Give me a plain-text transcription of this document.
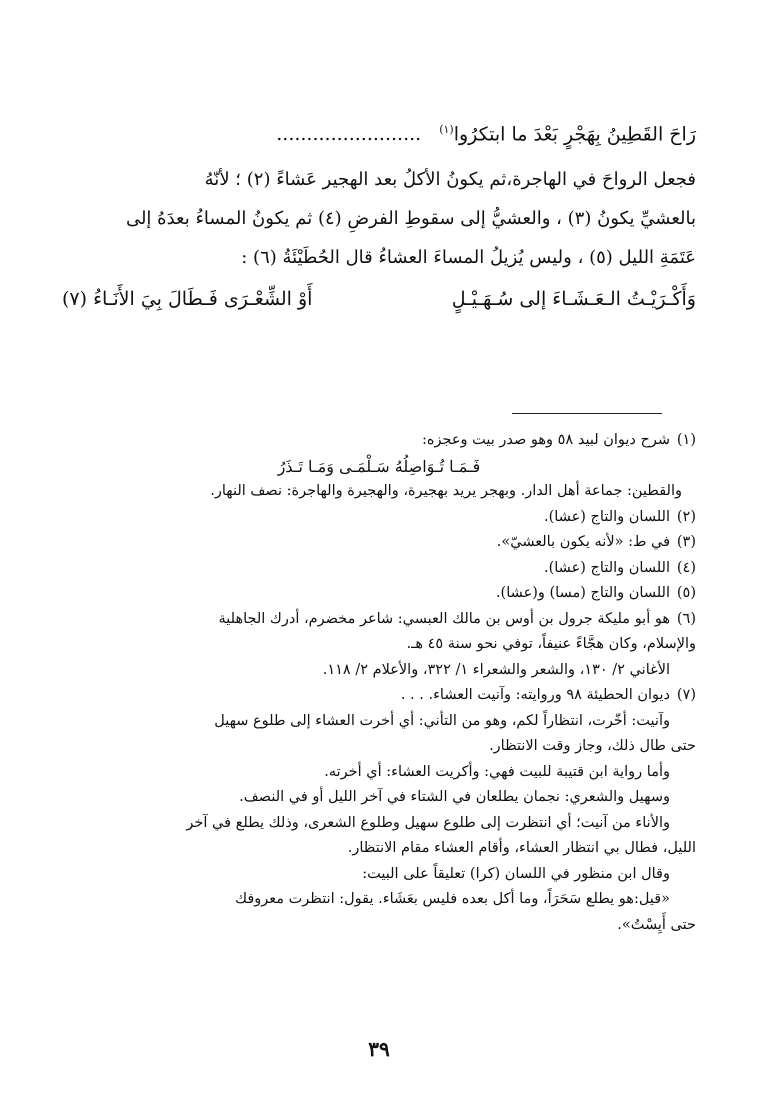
رَاحَ القَطِينُ بِهَجْرٍ بَعْدَ ما ابتكرُوا$^{(١)}$........................
فجعل الرواحَ في الهاجرة،ثم يكونُ الأكلُ بعد الهجير عَشاءً (٢) ؛ لأنّهُ
بالعشيِّ يكونُ (٣) ، والعشيُّ إلى سقوطِ الفرضِ (٤) ثم يكونُ المساءُ بعدَهُ إلى
عَتَمَةِ الليل (٥) ، وليس يُزيلُ المساءَ العشاءُ قال الحُطَيْئَةُ (٦) :
وَأَكْـرَيْـتُ الـعَـشَـاءَ إلى سُـهَـيْـلٍ
أَوْ الشِّعْـرَى فَـطَالَ بِيَ الأَنَـاءُ (٧)
(١)
شرح ديوان لبيد ٥٨ وهو صدر بيت وعجزه:
فَـمَـا تُـوَاصِلُهُ سَـلْمَـى وَمَـا تَـذَرُ
والقطين: جماعة أهل الدار. وبهجر يريد بهجيرة، والهجيرة والهاجرة: نصف النهار.
(٢)
اللسان والتاج (عشا).
(٣)
في ط: «لأنه يكون بالعشيّ».
(٤)
اللسان والتاج (عشا).
(٥)
اللسان والتاج (مسا) و(عشا).
(٦)
هو أبو مليكة جرول بن أوس بن مالك العبسي: شاعر مخضرم، أدرك الجاهلية
والإسلام، وكان هجَّاءً عنيفاً، توفي نحو سنة ٤٥ هـ.
الأغاني ٢/ ١٣٠، والشعر والشعراء ١/ ٣٢٢، والأعلام ٢/ ١١٨.
(٧)
ديوان الحطيئة ٩٨ وروايته: وآنيت العشاء. . . .
وآنيت: أخّرت، انتظاراً لكم، وهو من التأني: أي أخرت العشاء إلى طلوع سهيل
حتى طال ذلك، وجاز وقت الانتظار.
وأما رواية ابن قتيبة للبيت فهي: وأكريت العشاء: أي أخرته.
وسهيل والشعري: نجمان يطلعان في الشتاء في آخر الليل أو في النصف.
والأناء من آنيت؛ أي انتظرت إلى طلوع سهيل وطلوع الشعرى، وذلك يطلع في آخر
الليل، فطال بي انتظار العشاء، وأقام العشاء مقام الانتظار.
وقال ابن منظور في اللسان (كرا) تعليقاً على البيت:
«قيل:هو يطلع سَحَرَاً، وما أكل بعده فليس بعَشَاء. يقول: انتظرت معروفك
حتى أَيِسْتُ».
٣٩
